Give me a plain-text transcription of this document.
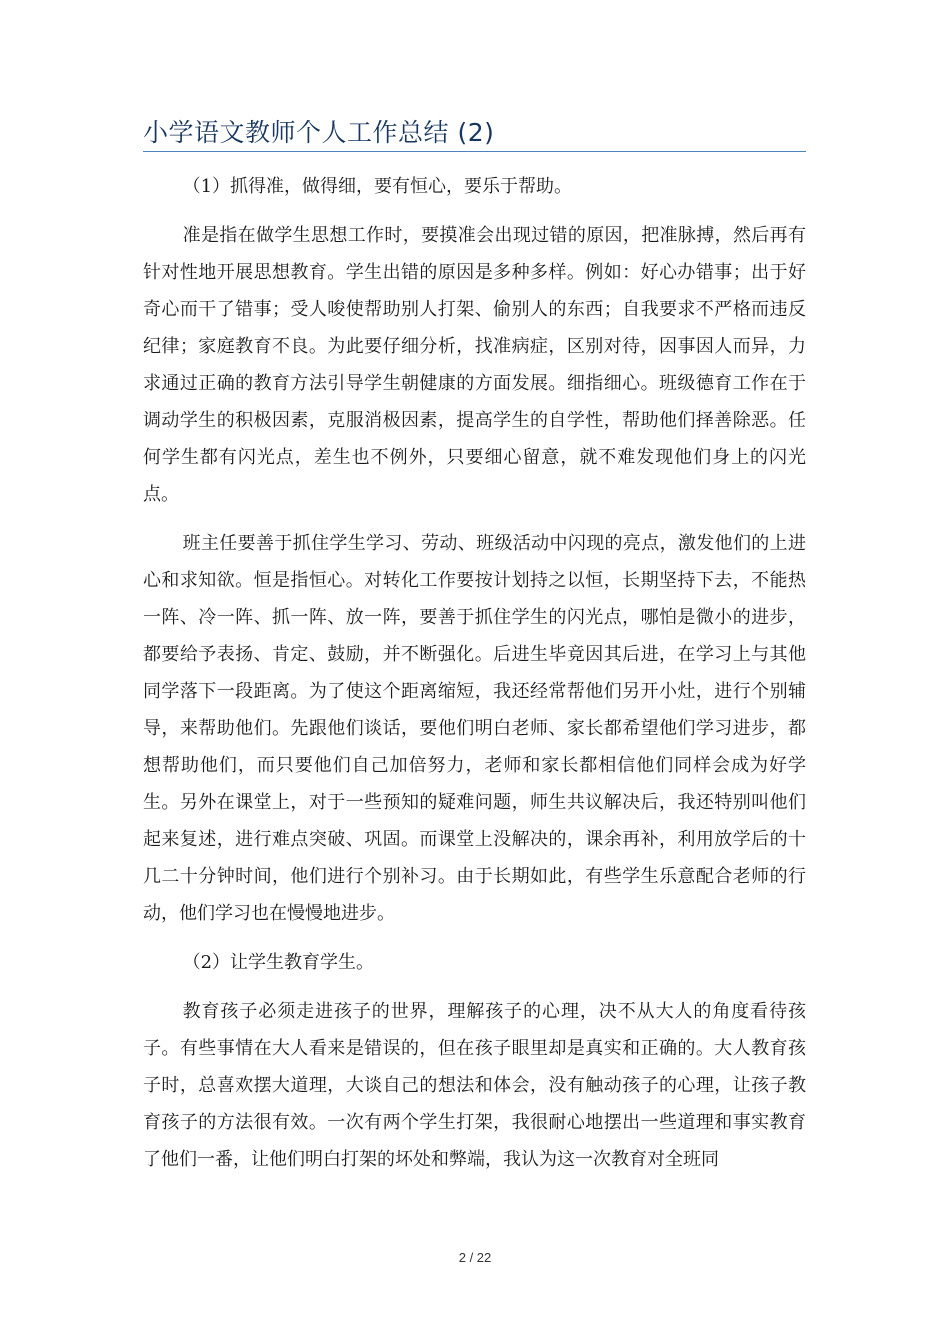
小学语文教师个人工作总结 (2)

（1）抓得准，做得细，要有恒心，要乐于帮助。

准是指在做学生思想工作时，要摸准会出现过错的原因，把准脉搏，然后再有针对性地开展思想教育。学生出错的原因是多种多样。例如：好心办错事；出于好奇心而干了错事；受人唆使帮助别人打架、偷别人的东西；自我要求不严格而违反纪律；家庭教育不良。为此要仔细分析，找准病症，区别对待，因事因人而异，力求通过正确的教育方法引导学生朝健康的方面发展。细指细心。班级德育工作在于调动学生的积极因素，克服消极因素，提高学生的自学性，帮助他们择善除恶。任何学生都有闪光点，差生也不例外，只要细心留意，就不难发现他们身上的闪光点。

班主任要善于抓住学生学习、劳动、班级活动中闪现的亮点，激发他们的上进心和求知欲。恒是指恒心。对转化工作要按计划持之以恒，长期坚持下去，不能热一阵、冷一阵、抓一阵、放一阵，要善于抓住学生的闪光点，哪怕是微小的进步，都要给予表扬、肯定、鼓励，并不断强化。后进生毕竟因其后进，在学习上与其他同学落下一段距离。为了使这个距离缩短，我还经常帮他们另开小灶，进行个别辅导，来帮助他们。先跟他们谈话，要他们明白老师、家长都希望他们学习进步，都想帮助他们，而只要他们自己加倍努力，老师和家长都相信他们同样会成为好学生。另外在课堂上，对于一些预知的疑难问题，师生共议解决后，我还特别叫他们起来复述，进行难点突破、巩固。而课堂上没解决的，课余再补，利用放学后的十几二十分钟时间，他们进行个别补习。由于长期如此，有些学生乐意配合老师的行动，他们学习也在慢慢地进步。

（2）让学生教育学生。

教育孩子必须走进孩子的世界，理解孩子的心理，决不从大人的角度看待孩子。有些事情在大人看来是错误的，但在孩子眼里却是真实和正确的。大人教育孩子时，总喜欢摆大道理，大谈自己的想法和体会，没有触动孩子的心理，让孩子教育孩子的方法很有效。一次有两个学生打架，我很耐心地摆出一些道理和事实教育了他们一番，让他们明白打架的坏处和弊端，我认为这一次教育对全班同

2 / 22
